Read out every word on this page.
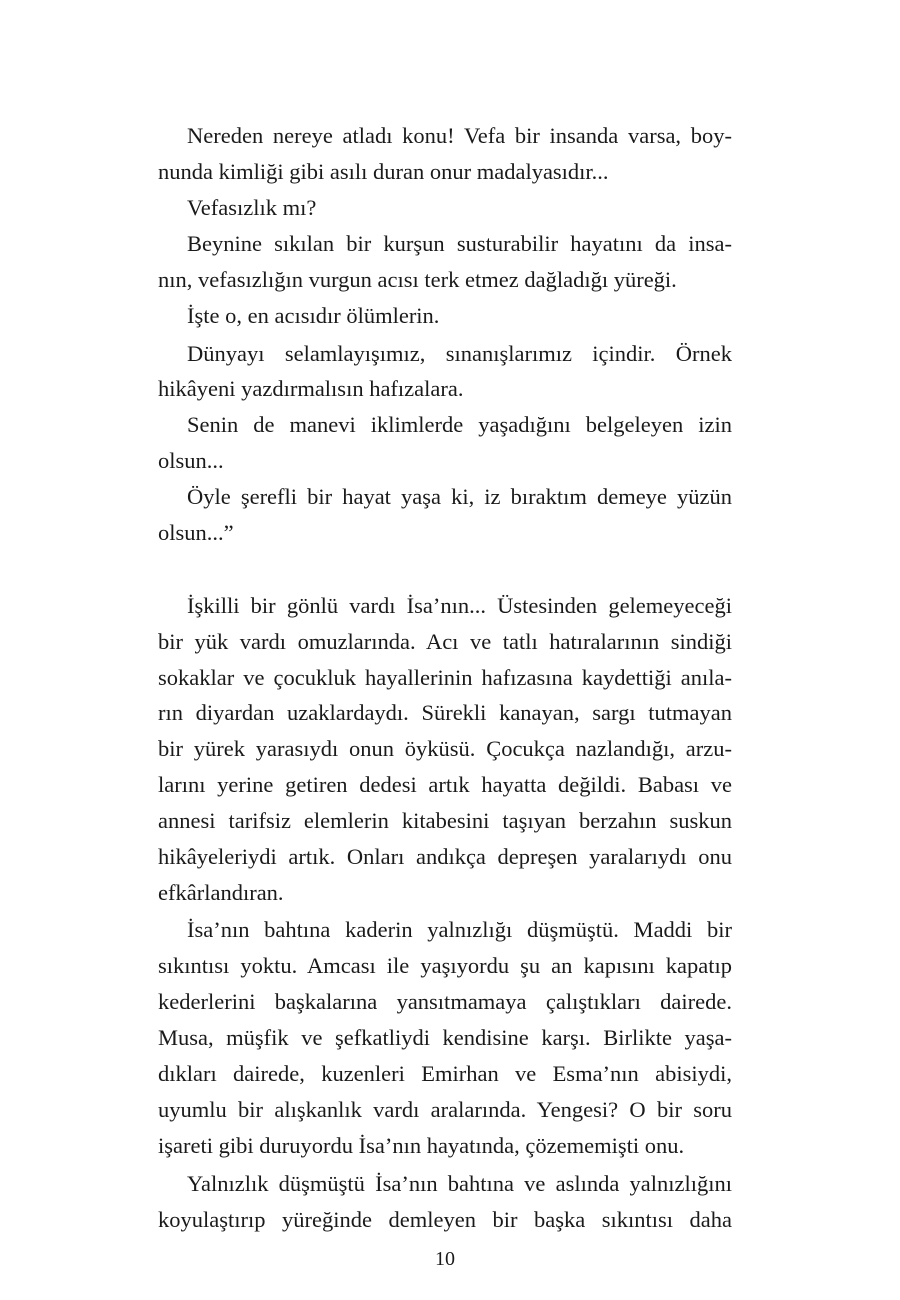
Nereden nereye atladı konu! Vefa bir insanda varsa, boy-
nunda kimliği gibi asılı duran onur madalyasıdır...
Vefasızlık mı?
Beynine sıkılan bir kurşun susturabilir hayatını da insa-
nın, vefasızlığın vurgun acısı terk etmez dağladığı yüreği.
İşte o, en acısıdır ölümlerin.
Dünyayı selamlayışımız, sınanışlarımız içindir. Örnek
hikâyeni yazdırmalısın hafızalara.
Senin de manevi iklimlerde yaşadığını belgeleyen izin
olsun...
Öyle şerefli bir hayat yaşa ki, iz bıraktım demeye yüzün
olsun...”
İşkilli bir gönlü vardı İsa’nın... Üstesinden gelemeyeceği
bir yük vardı omuzlarında. Acı ve tatlı hatıralarının sindiği
sokaklar ve çocukluk hayallerinin hafızasına kaydettiği anıla-
rın diyardan uzaklardaydı. Sürekli kanayan, sargı tutmayan
bir yürek yarasıydı onun öyküsü. Çocukça nazlandığı, arzu-
larını yerine getiren dedesi artık hayatta değildi. Babası ve
annesi tarifsiz elemlerin kitabesini taşıyan berzahın suskun
hikâyeleriydi artık. Onları andıkça depreşen yaralarıydı onu
efkârlandıran.
İsa’nın bahtına kaderin yalnızlığı düşmüştü. Maddi bir
sıkıntısı yoktu. Amcası ile yaşıyordu şu an kapısını kapatıp
kederlerini başkalarına yansıtmamaya çalıştıkları dairede.
Musa, müşfik ve şefkatliydi kendisine karşı. Birlikte yaşa-
dıkları dairede, kuzenleri Emirhan ve Esma’nın abisiydi,
uyumlu bir alışkanlık vardı aralarında. Yengesi? O bir soru
işareti gibi duruyordu İsa’nın hayatında, çözememişti onu.
Yalnızlık düşmüştü İsa’nın bahtına ve aslında yalnızlığını
10
koyulaştırıp yüreğinde demleyen bir başka sıkıntısı daha
